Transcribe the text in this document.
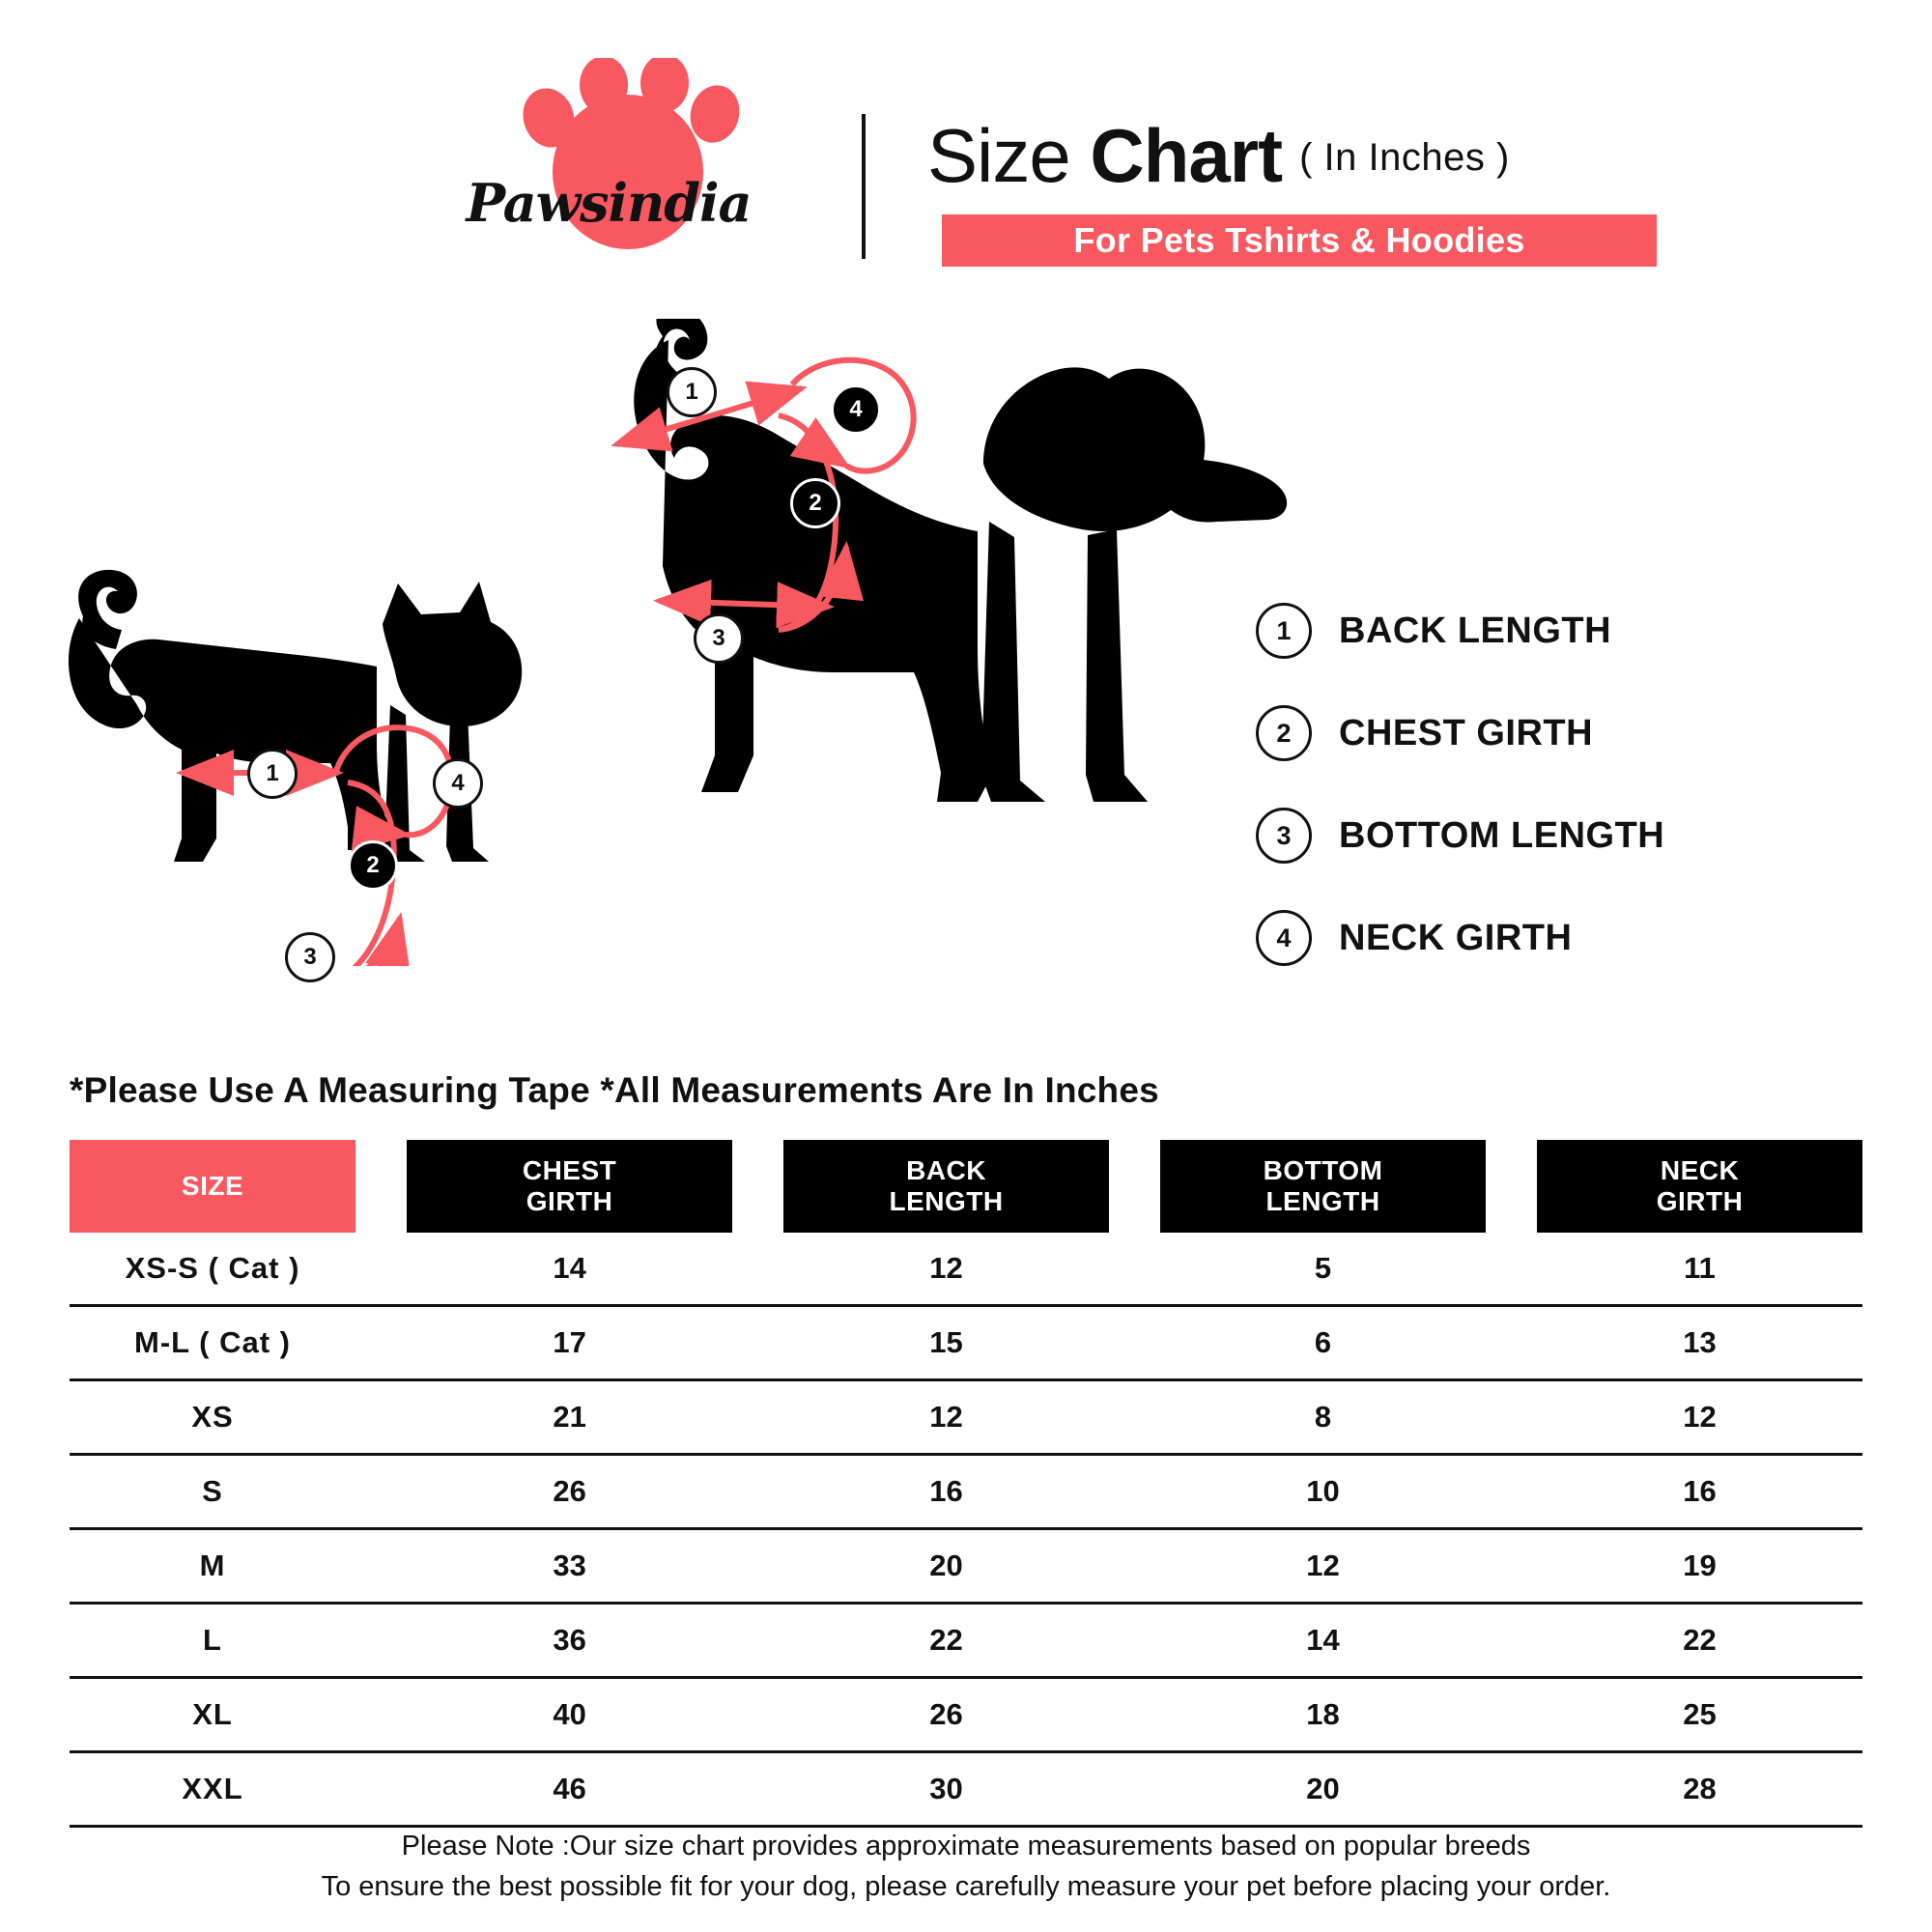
Pawsindia
Size Chart ( In Inches )
For Pets Tshirts & Hoodies
1
2
3
4
1
2
3
4
1	BACK LENGTH
2	CHEST GIRTH
3	BOTTOM LENGTH
4	NECK GIRTH
*Please Use A Measuring Tape *All Measurements Are In Inches
SIZE		
CHEST
GIRTH

BACK
LENGTH

BOTTOM
LENGTH

NECK
GIRTH

XS-S ( Cat )		14		12		5		11
M-L ( Cat )		17		15		6		13
XS		21		12		8		12
S		26		16		10		16
M		33		20		12		19
L		36		22		14		22
XL		40		26		18		25
XXL		46		30		20		28
Please Note :Our size chart provides approximate measurements based on popular breeds
To ensure the best possible fit for your dog, please carefully measure your pet before placing your order.
